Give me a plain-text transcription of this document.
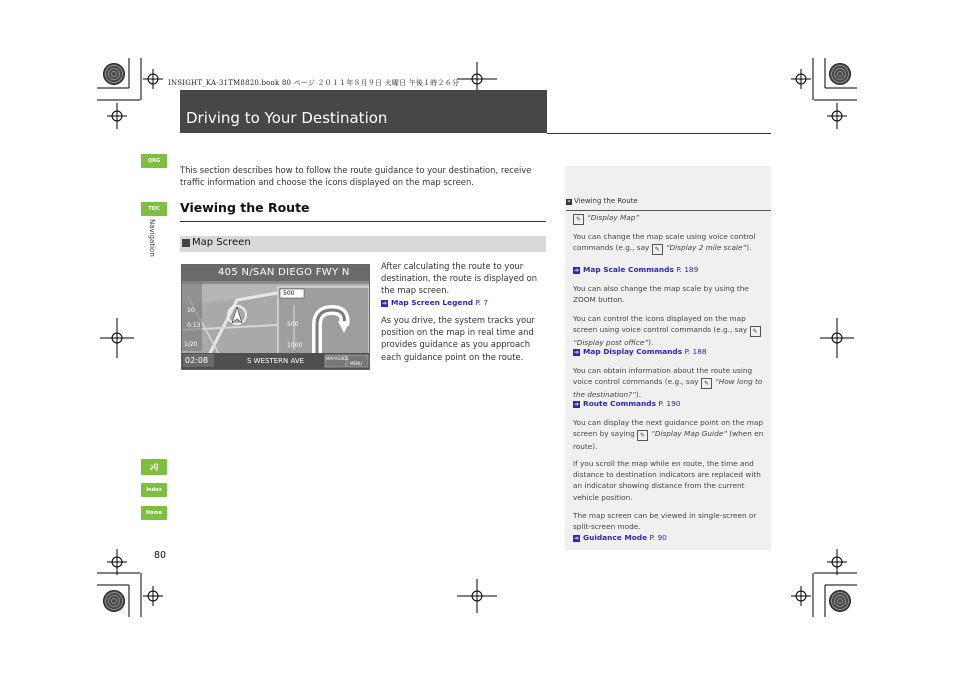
INSIGHT_KA-31TM8820.book 80 ページ ２０１１年８月９日 火曜日 午後１時２６分
Driving to Your Destination
QRG
TOC
Navigation
Index
Home
This section describes how to follow the route guidance to your destination, receive traffic information and choose the icons displayed on the map screen.
Viewing the Route
Map Screen
405 N/SAN DIEGO FWY N
S WESTERN AVE
02:08
500
10
0:13
1/20
500
1000
MAP/GUIDE
MENU
After calculating the route to your destination, the route is displayed on the map screen.
➔ Map Screen Legend P. 7
As you drive, the system tracks your position on the map in real time and provides guidance as you approach each guidance point on the route.
» Viewing the Route
✎ “Display Map”
You can change the map scale using voice control commands (e.g., say ✎ “Display 2 mile scale”).
➔ Map Scale Commands P. 189
You can also change the map scale by using the ZOOM button.
You can control the icons displayed on the map screen using voice control commands (e.g., say ✎“Display post office”).
➔ Map Display Commands P. 188
You can obtain information about the route using voice control commands (e.g., say ✎ “How long to the destination?”).
➔ Route Commands P. 190
You can display the next guidance point on the map screen by saying ✎ “Display Map Guide” (when en route).
If you scroll the map while en route, the time and distance to destination indicators are replaced with an indicator showing distance from the current vehicle position.
The map screen can be viewed in single-screen or split-screen mode.
➔ Guidance Mode P. 90
80
